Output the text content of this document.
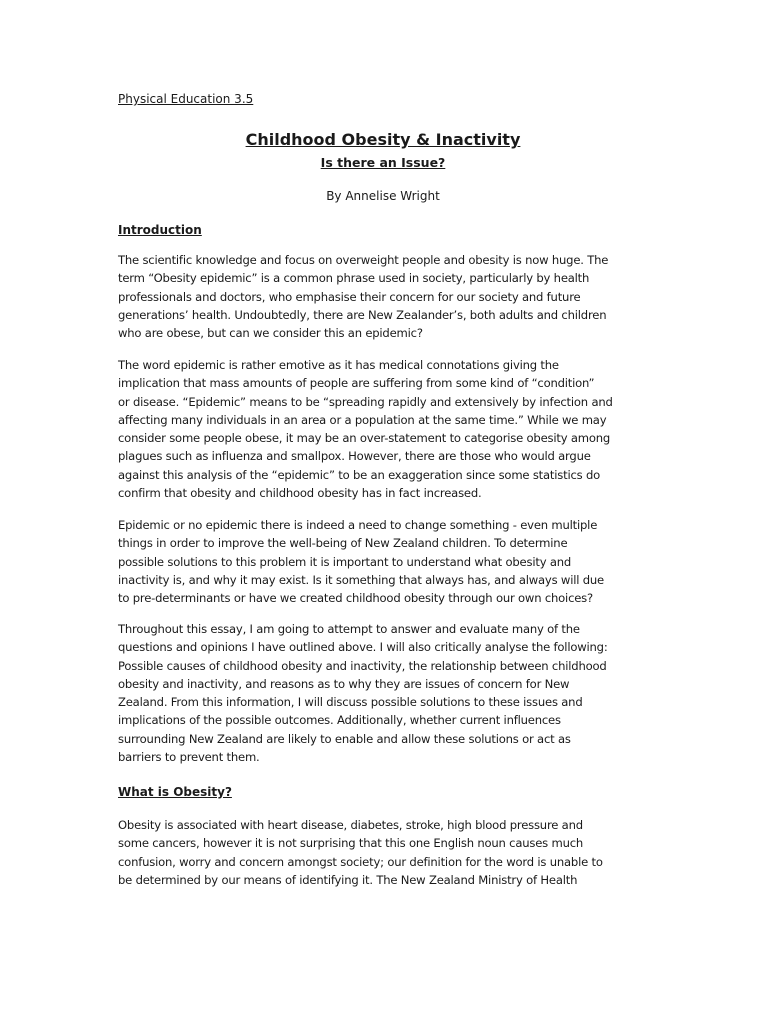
Physical Education 3.5
Childhood Obesity & Inactivity
Is there an Issue?
By Annelise Wright
Introduction
The scientific knowledge and focus on overweight people and obesity is now huge. The
term “Obesity epidemic” is a common phrase used in society, particularly by health
professionals and doctors, who emphasise their concern for our society and future
generations’ health. Undoubtedly, there are New Zealander’s, both adults and children
who are obese, but can we consider this an epidemic?
The word epidemic is rather emotive as it has medical connotations giving the
implication that mass amounts of people are suffering from some kind of “condition”
or disease. “Epidemic” means to be “spreading rapidly and extensively by infection and
affecting many individuals in an area or a population at the same time.” While we may
consider some people obese, it may be an over-statement to categorise obesity among
plagues such as influenza and smallpox. However, there are those who would argue
against this analysis of the “epidemic” to be an exaggeration since some statistics do
confirm that obesity and childhood obesity has in fact increased.
Epidemic or no epidemic there is indeed a need to change something - even multiple
things in order to improve the well-being of New Zealand children. To determine
possible solutions to this problem it is important to understand what obesity and
inactivity is, and why it may exist. Is it something that always has, and always will due
to pre-determinants or have we created childhood obesity through our own choices?
Throughout this essay, I am going to attempt to answer and evaluate many of the
questions and opinions I have outlined above. I will also critically analyse the following:
Possible causes of childhood obesity and inactivity, the relationship between childhood
obesity and inactivity, and reasons as to why they are issues of concern for New
Zealand. From this information, I will discuss possible solutions to these issues and
implications of the possible outcomes. Additionally, whether current influences
surrounding New Zealand are likely to enable and allow these solutions or act as
barriers to prevent them.
What is Obesity?
Obesity is associated with heart disease, diabetes, stroke, high blood pressure and
some cancers, however it is not surprising that this one English noun causes much
confusion, worry and concern amongst society; our definition for the word is unable to
be determined by our means of identifying it. The New Zealand Ministry of Health
